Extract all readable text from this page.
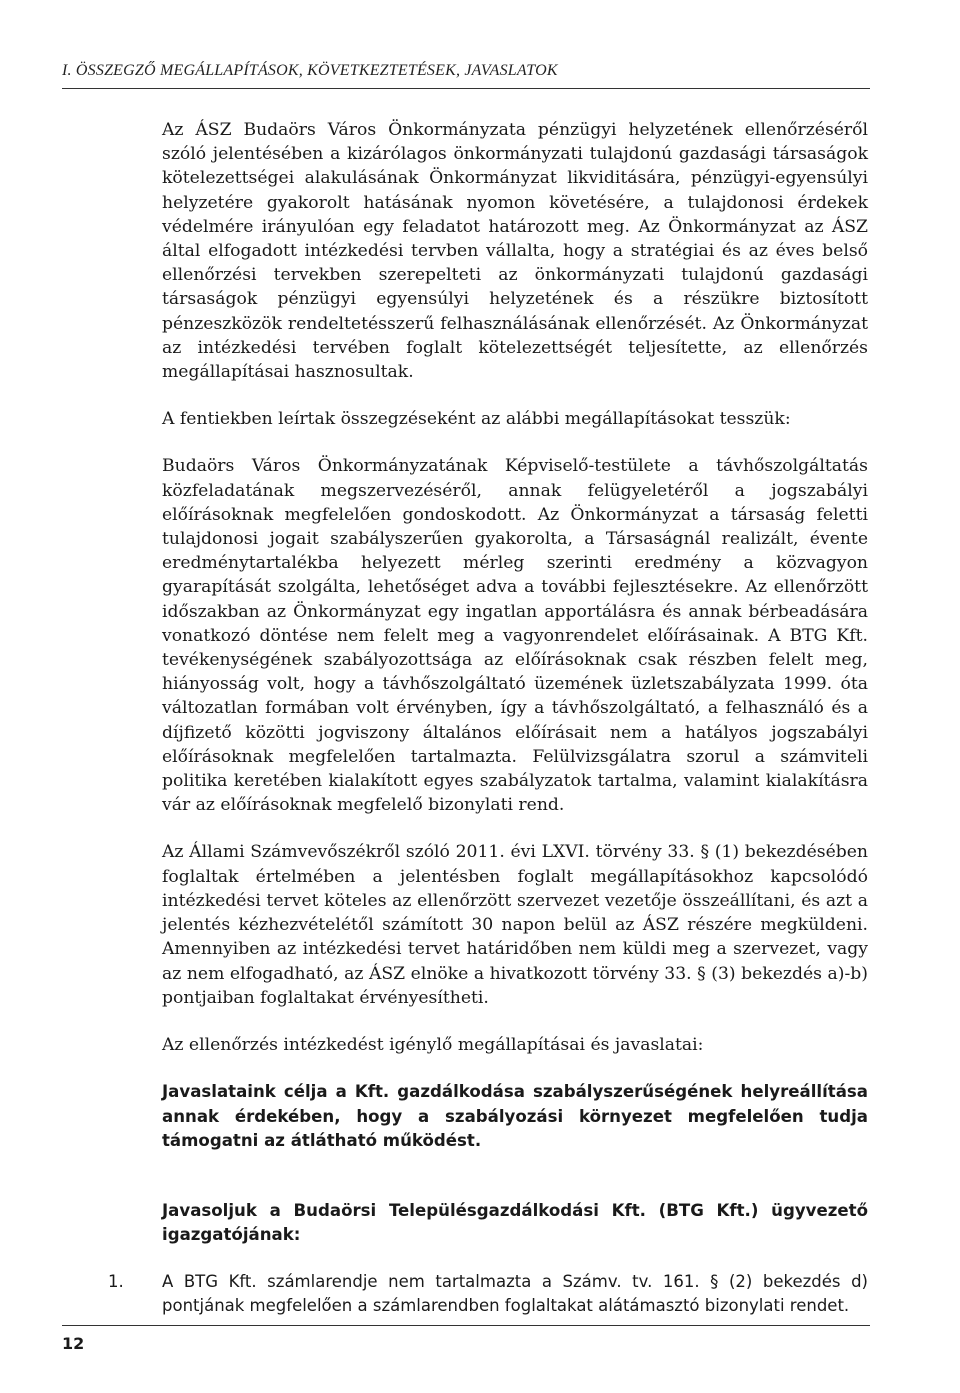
I. ÖSSZEGZŐ MEGÁLLAPÍTÁSOK, KÖVETKEZTETÉSEK, JAVASLATOK

Az ÁSZ Budaörs Város Önkormányzata pénzügyi helyzetének ellenőrzéséről szóló jelentésében a kizárólagos önkormányzati tulajdonú gazdasági társaságok kötelezettségei alakulásának Önkormányzat likviditására, pénzügyi-egyensúlyi helyzetére gyakorolt hatásának nyomon követésére, a tulajdonosi érdekek védelmére irányulóan egy feladatot határozott meg. Az Önkormányzat az ÁSZ által elfogadott intézkedési tervben vállalta, hogy a stratégiai és az éves belső ellenőrzési tervekben szerepelteti az önkormányzati tulajdonú gazdasági társaságok pénzügyi egyensúlyi helyzetének és a részükre biztosított pénzeszközök rendeltetésszerű felhasználásának ellenőrzését. Az Önkormányzat az intézkedési tervében foglalt kötelezettségét teljesítette, az ellenőrzés megállapításai hasznosultak.

A fentiekben leírtak összegzéseként az alábbi megállapításokat tesszük:

Budaörs Város Önkormányzatának Képviselő-testülete a távhőszolgáltatás közfeladatának megszervezéséről, annak felügyeletéről a jogszabályi előírásoknak megfelelően gondoskodott. Az Önkormányzat a társaság feletti tulajdonosi jogait szabályszerűen gyakorolta, a Társaságnál realizált, évente eredménytartalékba helyezett mérleg szerinti eredmény a közvagyon gyarapítását szolgálta, lehetőséget adva a további fejlesztésekre. Az ellenőrzött időszakban az Önkormányzat egy ingatlan apportálásra és annak bérbeadására vonatkozó döntése nem felelt meg a vagyonrendelet előírásainak. A BTG Kft. tevékenységének szabályozottsága az előírásoknak csak részben felelt meg, hiányosság volt, hogy a távhőszolgáltató üzemének üzletszabályzata 1999. óta változatlan formában volt érvényben, így a távhőszolgáltató, a felhasználó és a díjfizető közötti jogviszony általános előírásait nem a hatályos jogszabályi előírásoknak megfelelően tartalmazta. Felülvizsgálatra szorul a számviteli politika keretében kialakított egyes szabályzatok tartalma, valamint kialakításra vár az előírásoknak megfelelő bizonylati rend.

Az Állami Számvevőszékről szóló 2011. évi LXVI. törvény 33. § (1) bekezdésében foglaltak értelmében a jelentésben foglalt megállapításokhoz kapcsolódó intézkedési tervet köteles az ellenőrzött szervezet vezetője összeállítani, és azt a jelentés kézhezvételétől számított 30 napon belül az ÁSZ részére megküldeni. Amennyiben az intézkedési tervet határidőben nem küldi meg a szervezet, vagy az nem elfogadható, az ÁSZ elnöke a hivatkozott törvény 33. § (3) bekezdés a)-b) pontjaiban foglaltakat érvényesítheti.

Az ellenőrzés intézkedést igénylő megállapításai és javaslatai:

Javaslataink célja a Kft. gazdálkodása szabályszerűségének helyreállítása annak érdekében, hogy a szabályozási környezet megfelelően tudja támogatni az átlátható működést.

Javasoljuk a Budaörsi Településgazdálkodási Kft. (BTG Kft.) ügyvezető igazgatójának:

1. A BTG Kft. számlarendje nem tartalmazta a Számv. tv. 161. § (2) bekezdés d) pontjának megfelelően a számlarendben foglaltakat alátámasztó bizonylati rendet.

12
